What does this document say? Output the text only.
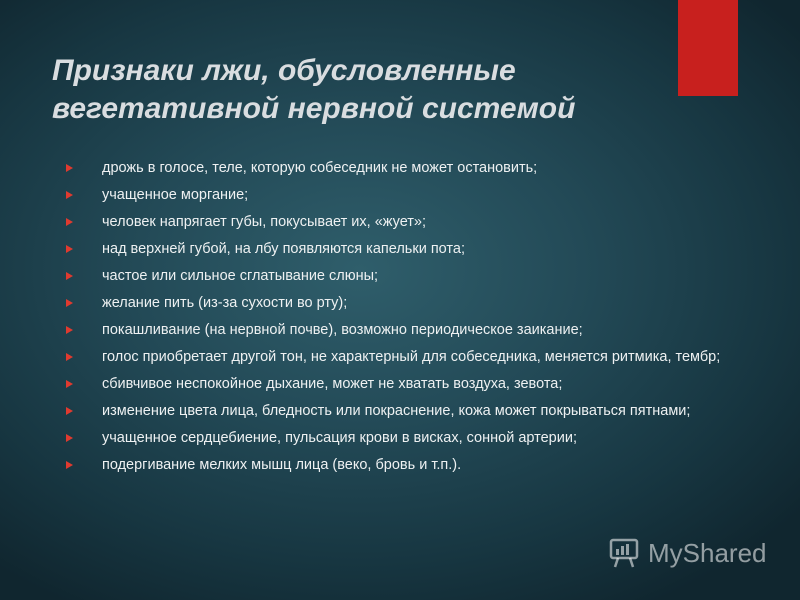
Признаки лжи, обусловленные
вегетативной нервной системой
дрожь в голосе, теле, которую собеседник не может остановить;
учащенное моргание;
человек напрягает губы, покусывает их, «жует»;
над верхней губой, на лбу появляются капельки пота;
частое или сильное сглатывание слюны;
желание пить (из-за сухости во рту);
покашливание (на нервной почве), возможно периодическое заикание;
голос приобретает другой тон, не характерный для собеседника, меняется ритмика, тембр;
сбивчивое неспокойное дыхание, может не хватать воздуха, зевота;
изменение цвета лица, бледность или покраснение, кожа может покрываться пятнами;
учащенное сердцебиение, пульсация крови в висках, сонной артерии;
подергивание мелких мышц лица (веко, бровь и т.п.).
MyShared
